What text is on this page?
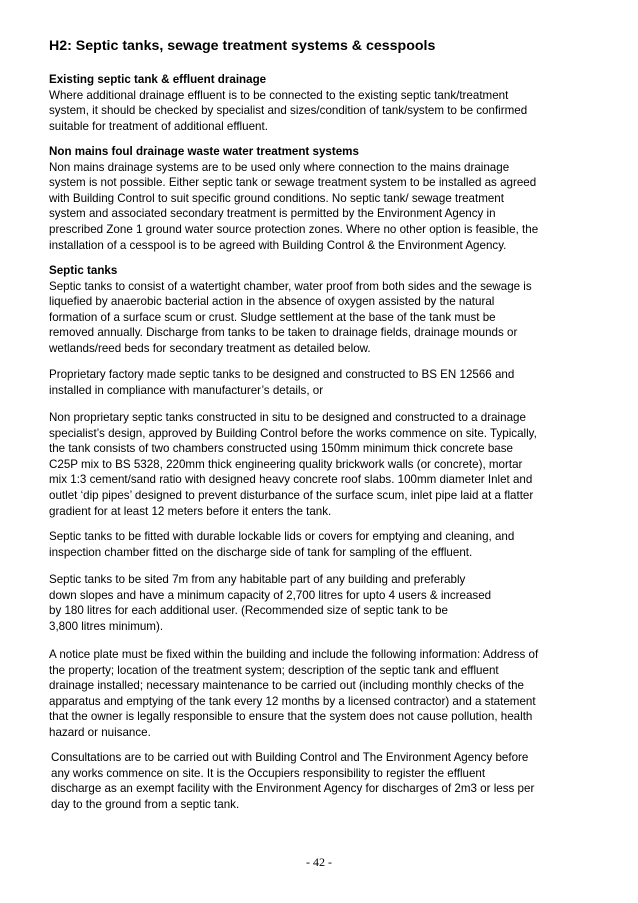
H2: Septic tanks, sewage treatment systems & cesspools
Existing septic tank & effluent drainage
Where additional drainage effluent is to be connected to the existing septic tank/treatment
system, it should be checked by specialist and sizes/condition of tank/system to be confirmed
suitable for treatment of additional effluent.
Non mains foul drainage waste water treatment systems
Non mains drainage systems are to be used only where connection to the mains drainage
system is not possible. Either septic tank or sewage treatment system to be installed as agreed
with Building Control to suit specific ground conditions. No septic tank/ sewage treatment
system and associated secondary treatment is permitted by the Environment Agency in
prescribed Zone 1 ground water source protection zones. Where no other option is feasible, the
installation of a cesspool is to be agreed with Building Control & the Environment Agency.
Septic tanks
Septic tanks to consist of a watertight chamber, water proof from both sides and the sewage is
liquefied by anaerobic bacterial action in the absence of oxygen assisted by the natural
formation of a surface scum or crust. Sludge settlement at the base of the tank must be
removed annually. Discharge from tanks to be taken to drainage fields, drainage mounds or
wetlands/reed beds for secondary treatment as detailed below.
Proprietary factory made septic tanks to be designed and constructed to BS EN 12566 and
installed in compliance with manufacturer’s details, or
Non proprietary septic tanks constructed in situ to be designed and constructed to a drainage
specialist’s design, approved by Building Control before the works commence on site. Typically,
the tank consists of two chambers constructed using 150mm minimum thick concrete base
C25P mix to BS 5328, 220mm thick engineering quality brickwork walls (or concrete), mortar
mix 1:3 cement/sand ratio with designed heavy concrete roof slabs. 100mm diameter Inlet and
outlet ‘dip pipes’ designed to prevent disturbance of the surface scum, inlet pipe laid at a flatter
gradient for at least 12 meters before it enters the tank.
Septic tanks to be fitted with durable lockable lids or covers for emptying and cleaning, and
inspection chamber fitted on the discharge side of tank for sampling of the effluent.
Septic tanks to be sited 7m from any habitable part of any building and preferably
down slopes and have a minimum capacity of 2,700 litres for upto 4 users & increased
by 180 litres for each additional user. (Recommended size of septic tank to be
3,800 litres minimum).
A notice plate must be fixed within the building and include the following information: Address of
the property; location of the treatment system; description of the septic tank and effluent
drainage installed; necessary maintenance to be carried out (including monthly checks of the
apparatus and emptying of the tank every 12 months by a licensed contractor) and a statement
that the owner is legally responsible to ensure that the system does not cause pollution, health
hazard or nuisance.
Consultations are to be carried out with Building Control and The Environment Agency before
any works commence on site. It is the Occupiers responsibility to register the effluent
discharge as an exempt facility with the Environment Agency for discharges of 2m3 or less per
day to the ground from a septic tank.
- 42 -
